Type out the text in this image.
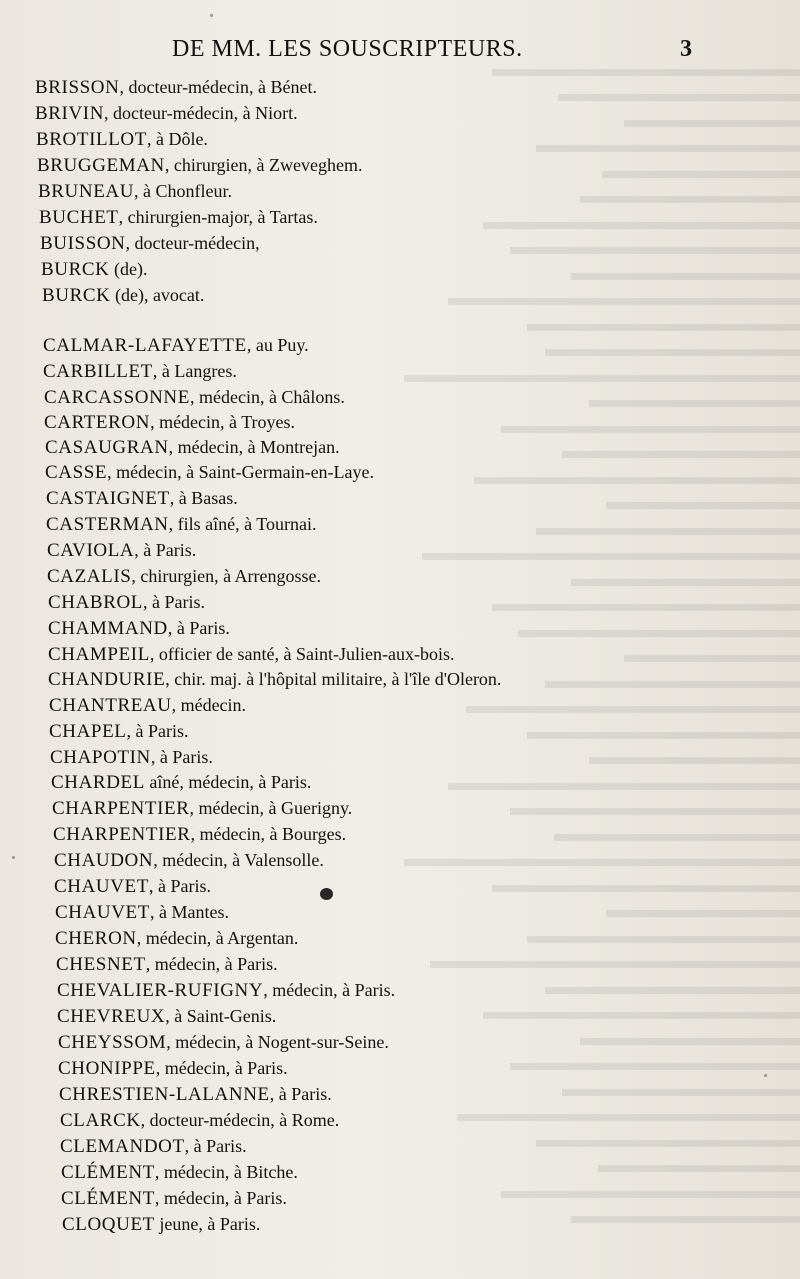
DE MM. LES SOUSCRIPTEURS.	3
BRISSON, docteur-médecin, à Bénet.
BRIVIN, docteur-médecin, à Niort.
BROTILLOT, à Dôle.
BRUGGEMAN, chirurgien, à Zweveghem.
BRUNEAU, à Chonfleur.
BUCHET, chirurgien-major, à Tartas.
BUISSON, docteur-médecin,
BURCK (de).
BURCK (de), avocat.
CALMAR-LAFAYETTE, au Puy.
CARBILLET, à Langres.
CARCASSONNE, médecin, à Châlons.
CARTERON, médecin, à Troyes.
CASAUGRAN, médecin, à Montrejan.
CASSE, médecin, à Saint-Germain-en-Laye.
CASTAIGNET, à Basas.
CASTERMAN, fils aîné, à Tournai.
CAVIOLA, à Paris.
CAZALIS, chirurgien, à Arrengosse.
CHABROL, à Paris.
CHAMMAND, à Paris.
CHAMPEIL, officier de santé, à Saint-Julien-aux-bois.
CHANDURIE, chir. maj. à l'hôpital militaire, à l'île d'Oleron.
CHANTREAU, médecin.
CHAPEL, à Paris.
CHAPOTIN, à Paris.
CHARDEL aîné, médecin, à Paris.
CHARPENTIER, médecin, à Guerigny.
CHARPENTIER, médecin, à Bourges.
CHAUDON, médecin, à Valensolle.
CHAUVET, à Paris.
CHAUVET, à Mantes.
CHERON, médecin, à Argentan.
CHESNET, médecin, à Paris.
CHEVALIER-RUFIGNY, médecin, à Paris.
CHEVREUX, à Saint-Genis.
CHEYSSOM, médecin, à Nogent-sur-Seine.
CHONIPPE, médecin, à Paris.
CHRESTIEN-LALANNE, à Paris.
CLARCK, docteur-médecin, à Rome.
CLEMANDOT, à Paris.
CLÉMENT, médecin, à Bitche.
CLÉMENT, médecin, à Paris.
CLOQUET jeune, à Paris.
